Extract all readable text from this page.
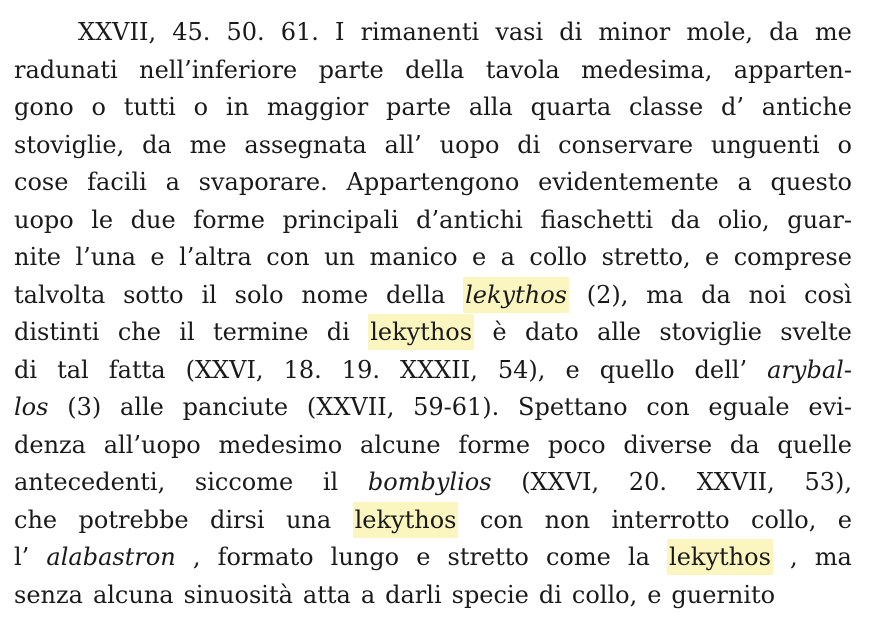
XXVII, 45. 50. 61. I rimanenti vasi di minor mole, da me
radunati nell’inferiore parte della tavola medesima, apparten-
gono o tutti o in maggior parte alla quarta classe d’ antiche
stoviglie, da me assegnata all’ uopo di conservare unguenti o
cose facili a svaporare. Appartengono evidentemente a questo
uopo le due forme principali d’antichi fiaschetti da olio, guar-
nite l’una e l’altra con un manico e a collo stretto, e comprese
talvolta sotto il solo nome della lekythos (2), ma da noi così
distinti che il termine di lekythos è dato alle stoviglie svelte
di tal fatta (XXVI, 18. 19. XXXII, 54), e quello dell’ arybal-
los (3) alle panciute (XXVII, 59-61). Spettano con eguale evi-
denza all’uopo medesimo alcune forme poco diverse da quelle
antecedenti, siccome il bombylios (XXVI, 20. XXVII, 53),
che potrebbe dirsi una lekythos con non interrotto collo, e
l’ alabastron , formato lungo e stretto come la lekythos , ma
senza alcuna sinuosità atta a darli specie di collo, e guernito
